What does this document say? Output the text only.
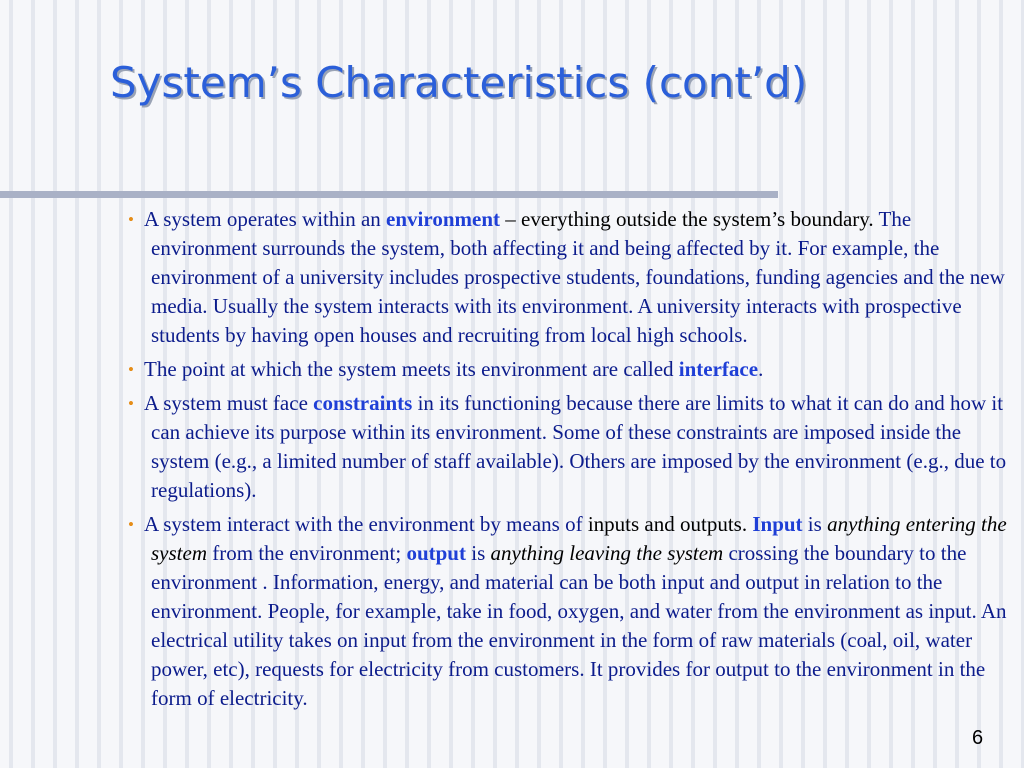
System’s Characteristics (cont’d)

• A system operates within an environment – everything outside the system’s boundary. The environment surrounds the system, both affecting it and being affected by it. For example, the environment of a university includes prospective students, foundations, funding agencies and the new media. Usually the system interacts with its environment. A university interacts with prospective students by having open houses and recruiting from local high schools.

• The point at which the system meets its environment are called interface.

• A system must face constraints in its functioning because there are limits to what it can do and how it can achieve its purpose within its environment. Some of these constraints are imposed inside the system (e.g., a limited number of staff available). Others are imposed by the environment (e.g., due to regulations).

• A system interact with the environment by means of inputs and outputs. Input is anything entering the system from the environment; output is anything leaving the system crossing the boundary to the environment . Information, energy, and material can be both input and output in relation to the environment. People, for example, take in food, oxygen, and water from the environment as input. An electrical utility takes on input from the environment in the form of raw materials (coal, oil, water power, etc), requests for electricity from customers. It provides for output to the environment in the form of electricity.

6
